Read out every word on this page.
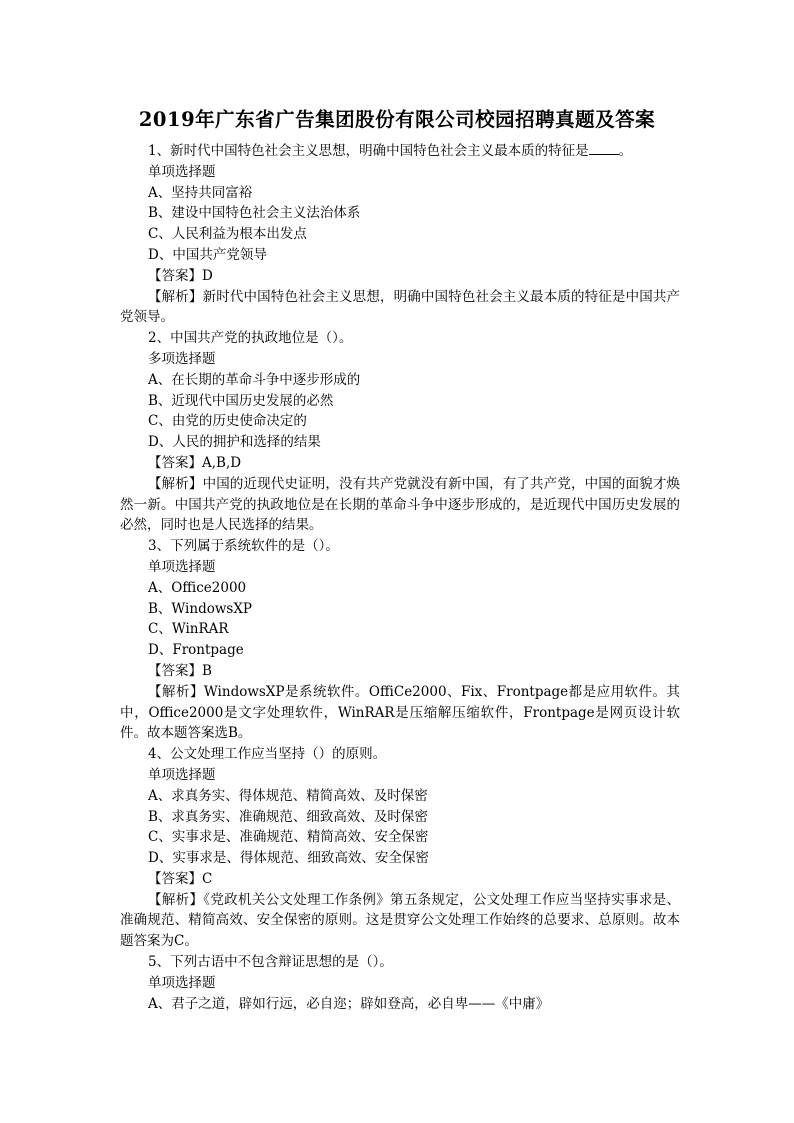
2019年广东省广告集团股份有限公司校园招聘真题及答案
1、新时代中国特色社会主义思想，明确中国特色社会主义最本质的特征是 。
单项选择题
A、坚持共同富裕
B、建设中国特色社会主义法治体系
C、人民利益为根本出发点
D、中国共产党领导
【答案】D
【解析】新时代中国特色社会主义思想，明确中国特色社会主义最本质的特征是中国共产党领导。
2、中国共产党的执政地位是（）。
多项选择题
A、在长期的革命斗争中逐步形成的
B、近现代中国历史发展的必然
C、由党的历史使命决定的
D、人民的拥护和选择的结果
【答案】A,B,D
【解析】中国的近现代史证明，没有共产党就没有新中国，有了共产党，中国的面貌才焕然一新。中国共产党的执政地位是在长期的革命斗争中逐步形成的，是近现代中国历史发展的必然，同时也是人民选择的结果。
3、下列属于系统软件的是（）。
单项选择题
A、Office2000
B、WindowsXP
C、WinRAR
D、Frontpage
【答案】B
【解析】WindowsXP是系统软件。OffiCe2000、Fix、Frontpage都是应用软件。其中，Office2000是文字处理软件，WinRAR是压缩解压缩软件，Frontpage是网页设计软件。故本题答案选B。
4、公文处理工作应当坚持（）的原则。
单项选择题
A、求真务实、得体规范、精简高效、及时保密
B、求真务实、准确规范、细致高效、及时保密
C、实事求是、准确规范、精简高效、安全保密
D、实事求是、得体规范、细致高效、安全保密
【答案】C
【解析】《党政机关公文处理工作条例》第五条规定，公文处理工作应当坚持实事求是、准确规范、精简高效、安全保密的原则。这是贯穿公文处理工作始终的总要求、总原则。故本题答案为C。
5、下列古语中不包含辩证思想的是（）。
单项选择题
A、君子之道，辟如行远，必自迩；辟如登高，必自卑——《中庸》
